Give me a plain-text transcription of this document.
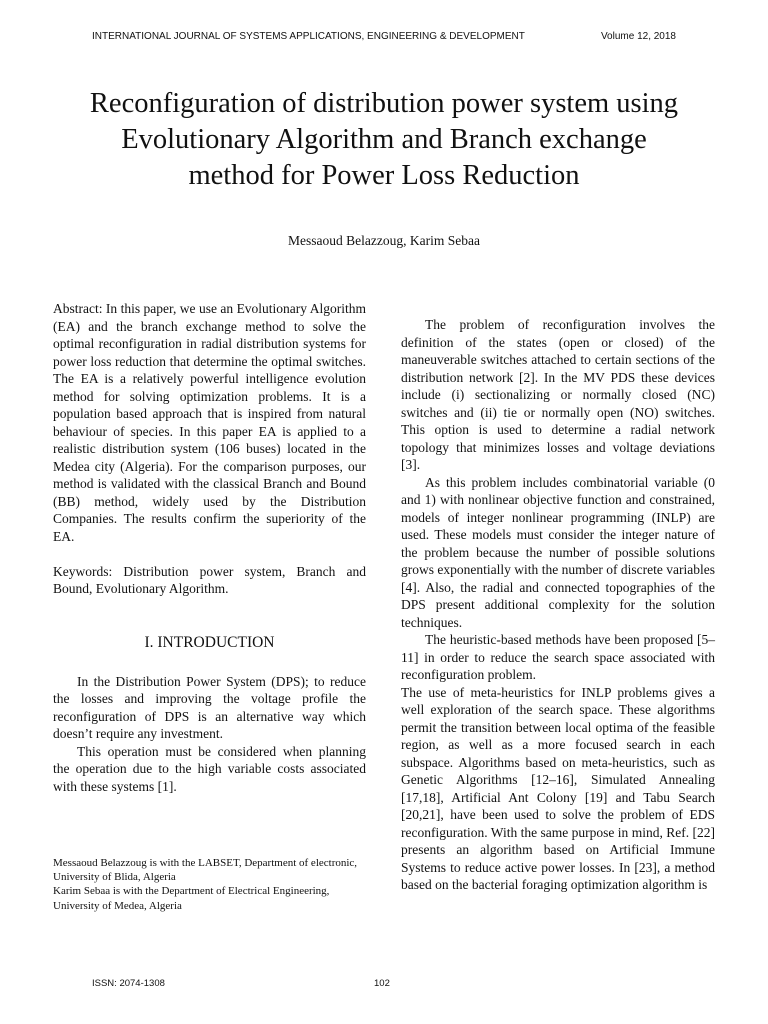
INTERNATIONAL JOURNAL OF SYSTEMS APPLICATIONS, ENGINEERING & DEVELOPMENT	Volume 12, 2018
Reconfiguration of distribution power system using Evolutionary Algorithm and Branch exchange method for Power Loss Reduction
Messaoud Belazzoug, Karim Sebaa

Abstract: In this paper, we use an Evolutionary Algorithm (EA) and the branch exchange method to solve the optimal reconfiguration in radial distribution systems for power loss reduction that determine the optimal switches. The EA is a relatively powerful intelligence evolution method for solving optimization problems. It is a population based approach that is inspired from natural behaviour of species. In this paper EA is applied to a realistic distribution system (106 buses) located in the Medea city (Algeria). For the comparison purposes, our method is validated with the classical Branch and Bound (BB) method, widely used by the Distribution Companies. The results confirm the superiority of the EA.

Keywords: Distribution power system, Branch and Bound, Evolutionary Algorithm.

I. INTRODUCTION

In the Distribution Power System (DPS); to reduce the losses and improving the voltage profile the reconfiguration of DPS is an alternative way which doesn’t require any investment.

This operation must be considered when planning the operation due to the high variable costs associated with these systems [1].

Messaoud Belazzoug is with the LABSET, Department of electronic, University of Blida, Algeria

Karim Sebaa is with the Department of Electrical Engineering, University of Medea, Algeria

The problem of reconfiguration involves the definition of the states (open or closed) of the maneuverable switches attached to certain sections of the distribution network [2]. In the MV PDS these devices include (i) sectionalizing or normally closed (NC) switches and (ii) tie or normally open (NO) switches. This option is used to determine a radial network topology that minimizes losses and voltage deviations [3].

As this problem includes combinatorial variable (0 and 1) with nonlinear objective function and constrained, models of integer nonlinear programming (INLP) are used. These models must consider the integer nature of the problem because the number of possible solutions grows exponentially with the number of discrete variables [4]. Also, the radial and connected topographies of the DPS present additional complexity for the solution techniques.

The heuristic-based methods have been proposed [5–11] in order to reduce the search space associated with reconfiguration problem.

The use of meta-heuristics for INLP problems gives a well exploration of the search space. These algorithms permit the transition between local optima of the feasible region, as well as a more focused search in each subspace. Algorithms based on meta-heuristics, such as Genetic Algorithms [12–16], Simulated Annealing [17,18], Artificial Ant Colony [19] and Tabu Search [20,21], have been used to solve the problem of EDS reconfiguration. With the same purpose in mind, Ref. [22] presents an algorithm based on Artificial Immune Systems to reduce active power losses. In [23], a method based on the bacterial foraging optimization algorithm is

ISSN: 2074-1308	102
